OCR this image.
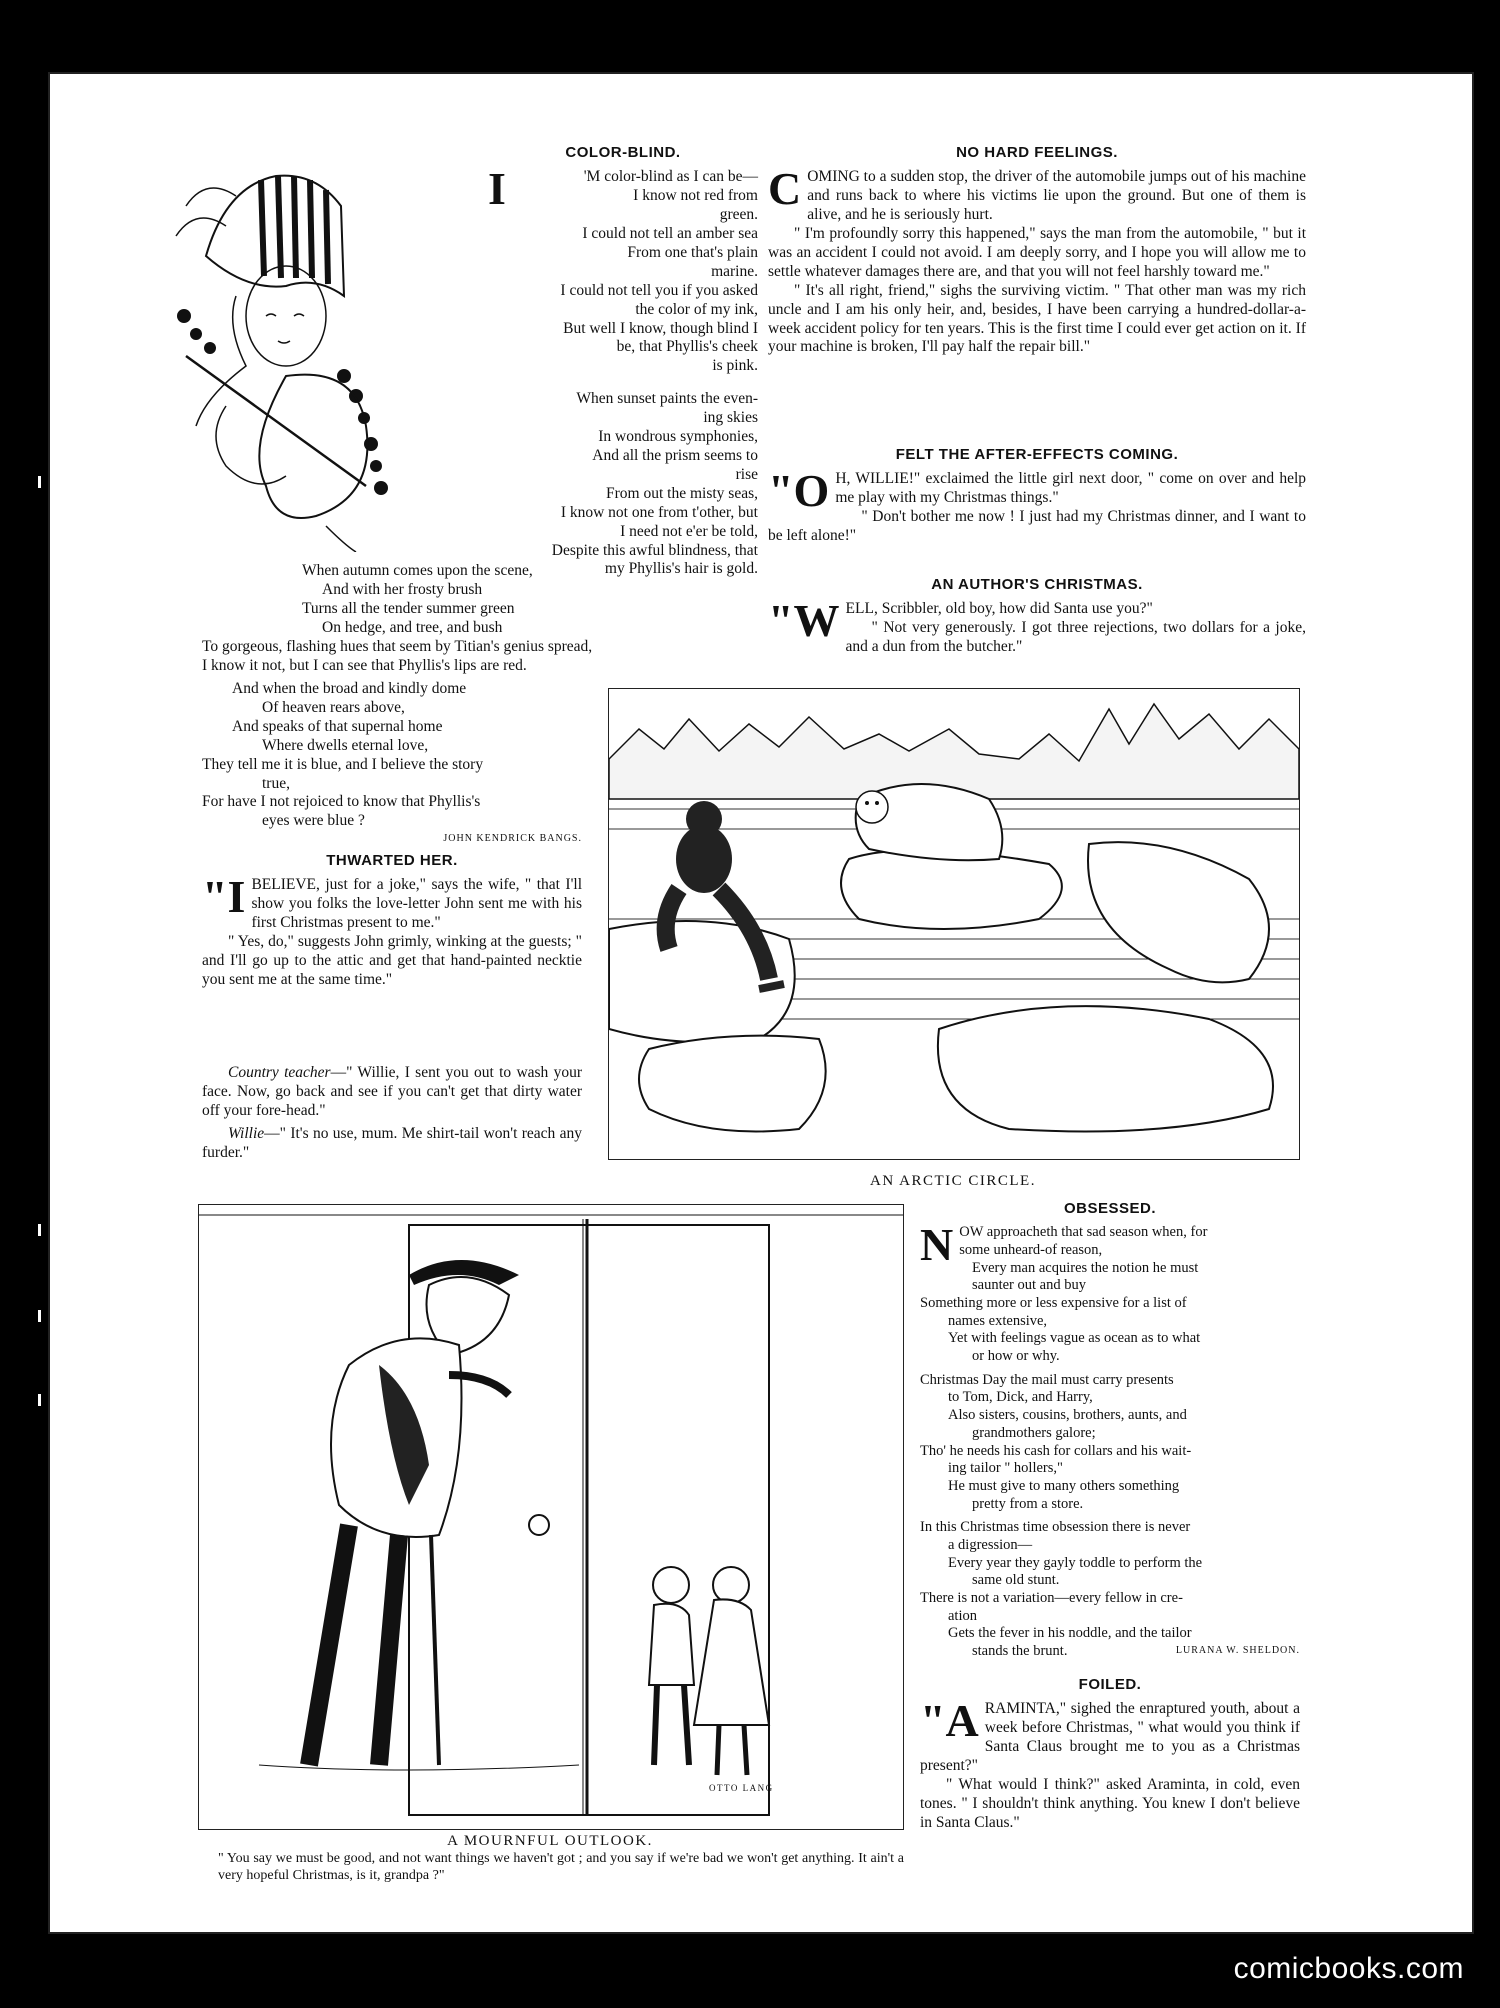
COLOR-BLIND.
I	'M color-blind as I can be—
I know not red from
green.
I could not tell an amber sea
From one that's plain
marine.
I could not tell you if you asked
the color of my ink,
But well I know, though blind I
be, that Phyllis's cheek
is pink.
When sunset paints the even-
ing skies
In wondrous symphonies,
And all the prism seems to
rise
From out the misty seas,
I know not one from t'other, but
I need not e'er be told,
Despite this awful blindness, that
my Phyllis's hair is gold.
When autumn comes upon the scene,
And with her frosty brush
Turns all the tender summer green
On hedge, and tree, and bush
To gorgeous, flashing hues that seem by Titian's genius spread,
I know it not, but I can see that Phyllis's lips are red.
And when the broad and kindly dome
Of heaven rears above,
And speaks of that supernal home
Where dwells eternal love,
They tell me it is blue, and I believe the story
true,
For have I not rejoiced to know that Phyllis's
eyes were blue ?
JOHN KENDRICK BANGS.
NO HARD FEELINGS.

COMING to a sudden stop, the driver of the automobile jumps out of his machine and runs back to where his victims lie upon the ground. But one of them is alive, and he is seriously hurt.

" I'm profoundly sorry this happened," says the man from the automobile, " but it was an accident I could not avoid. I am deeply sorry, and I hope you will allow me to settle whatever damages there are, and that you will not feel harshly toward me."

" It's all right, friend," sighs the surviving victim. " That other man was my rich uncle and I am his only heir, and, besides, I have been carrying a hundred-dollar-a-week accident policy for ten years. This is the first time I could ever get action on it. If your machine is broken, I'll pay half the repair bill."

FELT THE AFTER-EFFECTS COMING.

"O H, WILLIE!" exclaimed the little girl next door, " come on over and help me play with my Christmas things."

" Don't bother me now ! I just had my Christmas dinner, and I want to be left alone!"

AN AUTHOR'S CHRISTMAS.

"W ELL, Scribbler, old boy, how did Santa use you?"

" Not very generously. I got three rejections, two dollars for a joke, and a dun from the butcher."

AN ARCTIC CIRCLE.
THWARTED HER.

"I BELIEVE, just for a joke," says the wife, " that I'll show you folks the love-letter John sent me with his first Christmas present to me."

" Yes, do," suggests John grimly, winking at the guests; " and I'll go up to the attic and get that hand-painted necktie you sent me at the same time."

Country teacher—" Willie, I sent you out to wash your face. Now, go back and see if you can't get that dirty water off your fore-head."

Willie—" It's no use, mum. Me shirt-tail won't reach any furder."

OTTO LANG
A MOURNFUL OUTLOOK.
" You say we must be good, and not want things we haven't got ; and you say if we're bad we won't get anything. It ain't a very hopeful Christmas, is it, grandpa ?"
OBSESSED.
N OW approacheth that sad season when, for
some unheard-of reason,
Every man acquires the notion he must
saunter out and buy
Something more or less expensive for a list of
names extensive,
Yet with feelings vague as ocean as to what
or how or why.
Christmas Day the mail must carry presents
to Tom, Dick, and Harry,
Also sisters, cousins, brothers, aunts, and
grandmothers galore;
Tho' he needs his cash for collars and his wait-
ing tailor " hollers,"
He must give to many others something
pretty from a store.
In this Christmas time obsession there is never
a digression—
Every year they gayly toddle to perform the
same old stunt.
There is not a variation—every fellow in cre-
ation
Gets the fever in his noddle, and the tailor
stands the brunt.	LURANA W. SHELDON.
FOILED.

"A RAMINTA," sighed the enraptured youth, about a week before Christmas, " what would you think if Santa Claus brought me to you as a Christmas present?"

" What would I think?" asked Araminta, in cold, even tones. " I shouldn't think anything. You knew I don't believe in Santa Claus."

comicbooks.com
